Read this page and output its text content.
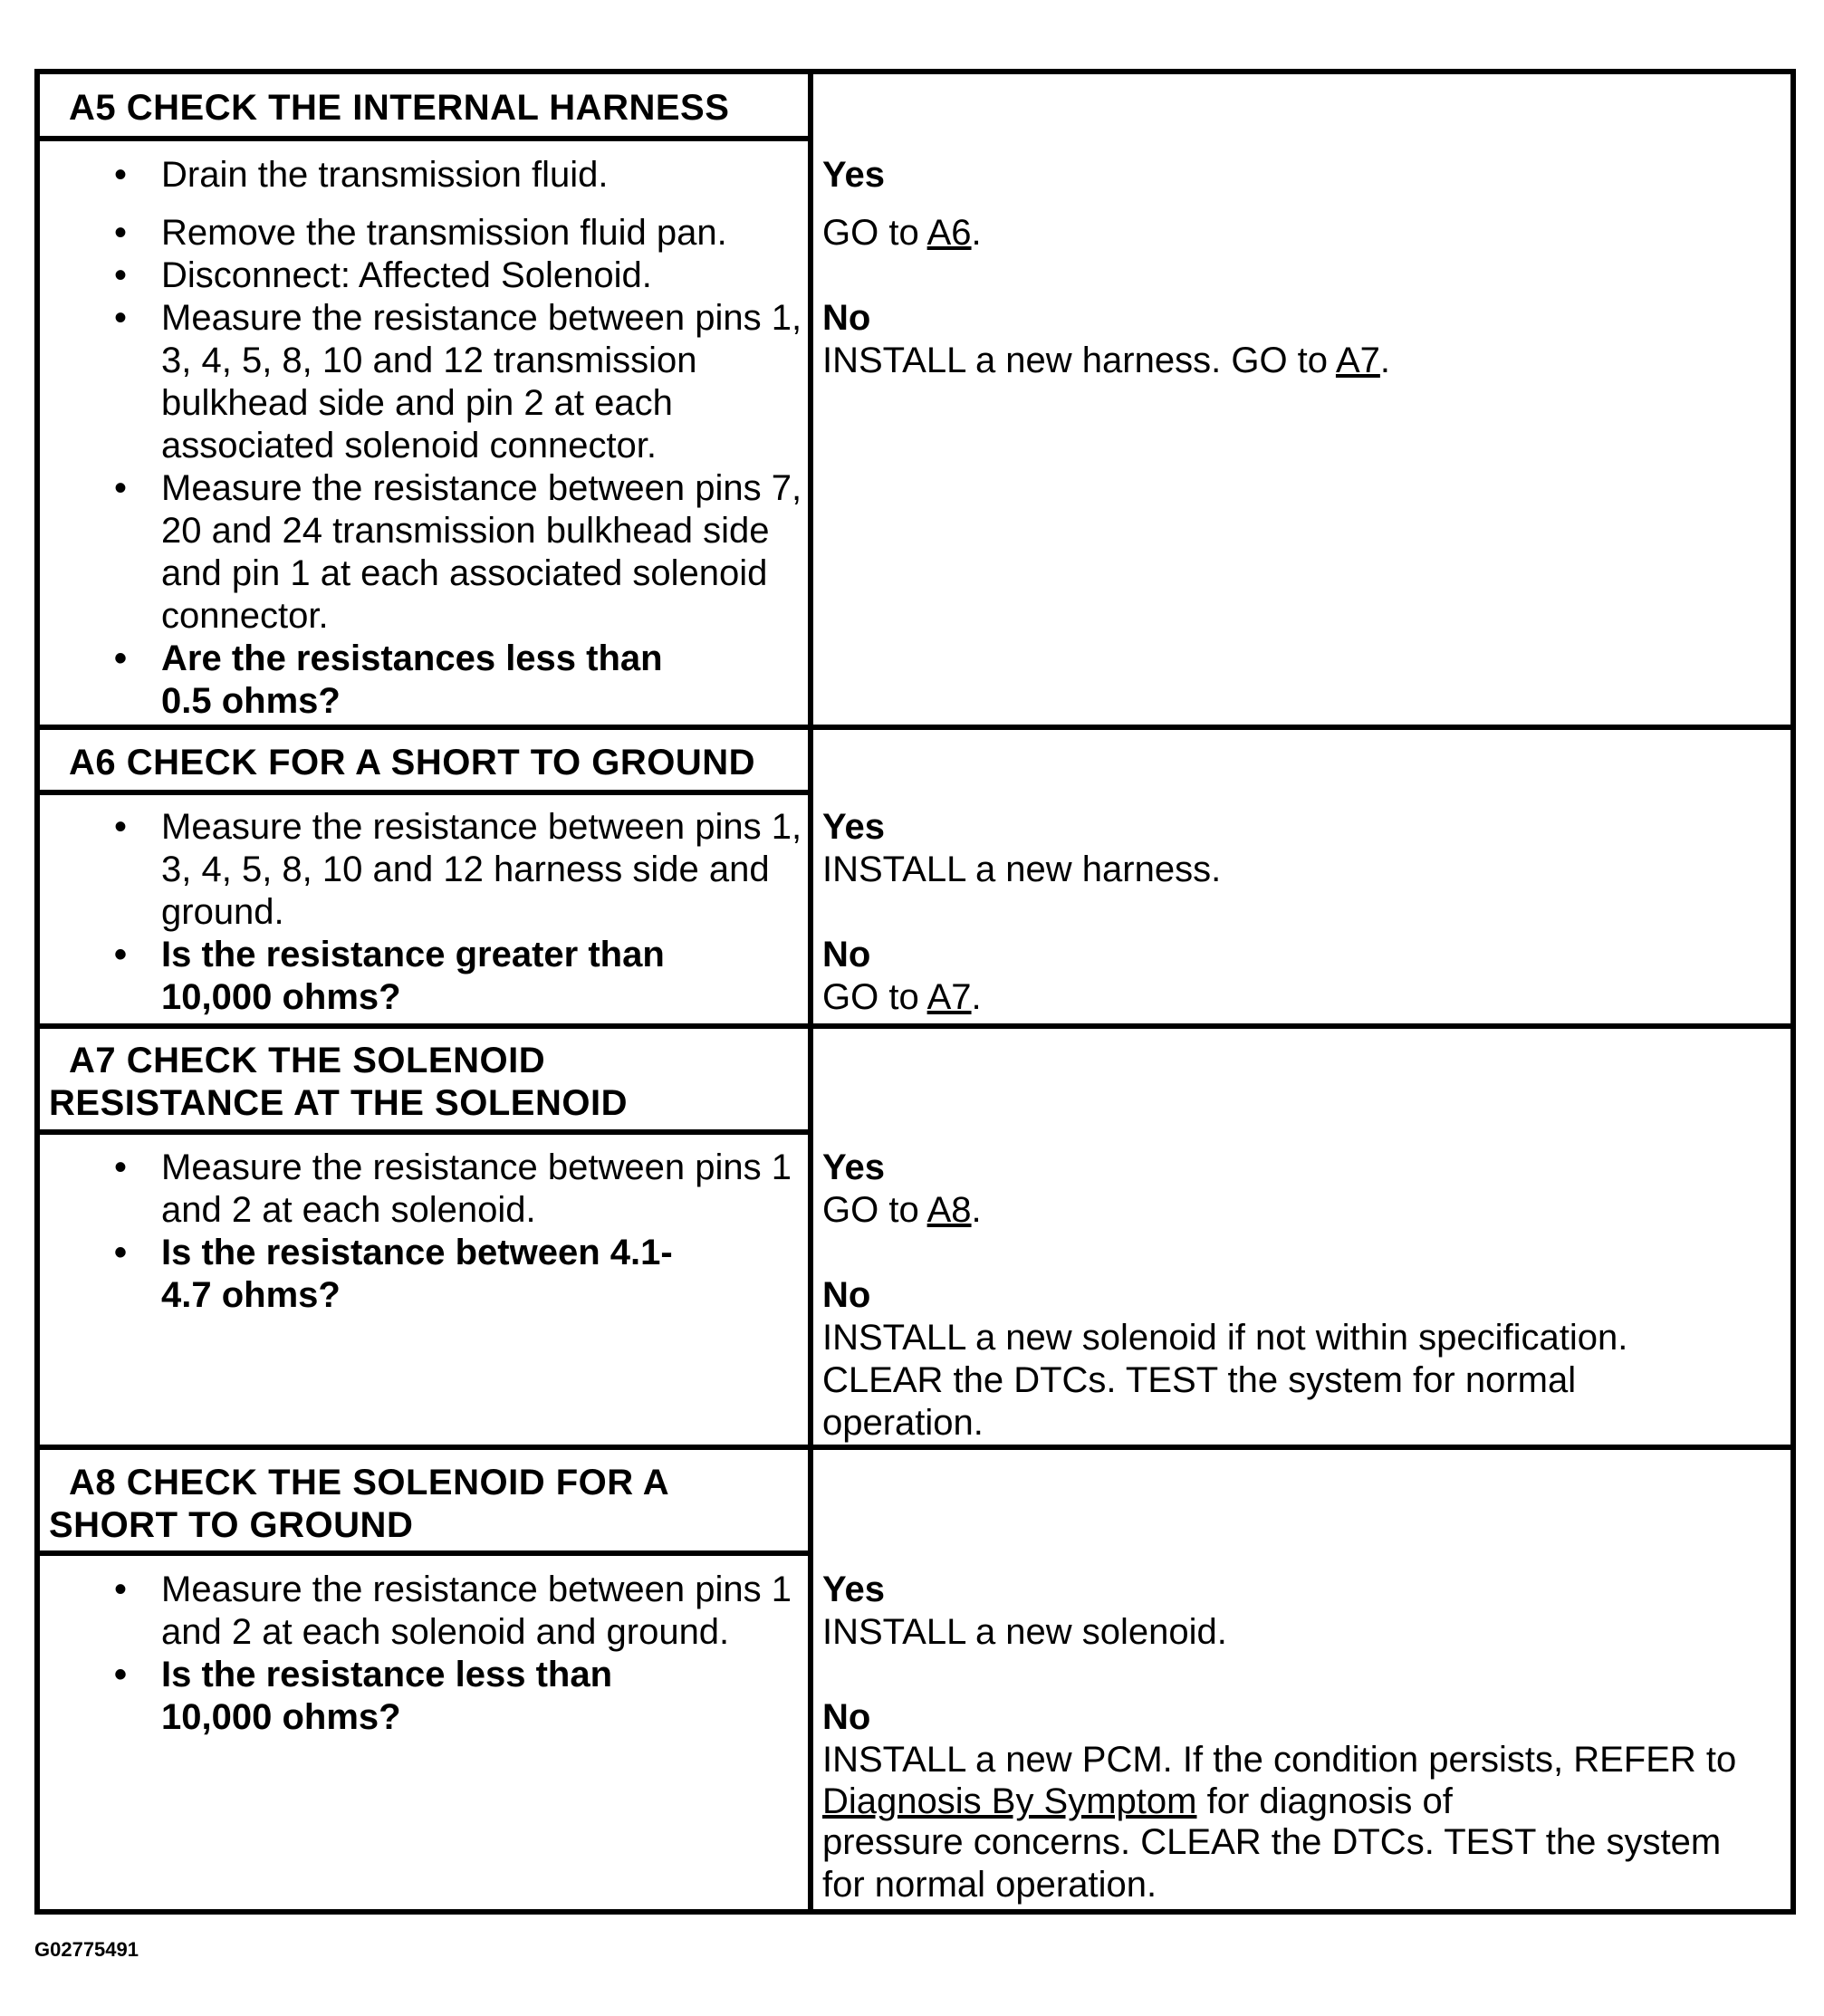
A5 CHECK THE INTERNAL HARNESS
• Drain the transmission fluid.
• Remove the transmission fluid pan.
• Disconnect: Affected Solenoid.
• Measure the resistance between pins 1, 3, 4, 5, 8, 10 and 12 transmission bulkhead side and pin 2 at each associated solenoid connector.
• Measure the resistance between pins 7, 20 and 24 transmission bulkhead side and pin 1 at each associated solenoid connector.
• Are the resistances less than 0.5 ohms?
Yes
GO to A6.
No
INSTALL a new harness. GO to A7.
A6 CHECK FOR A SHORT TO GROUND
• Measure the resistance between pins 1, 3, 4, 5, 8, 10 and 12 harness side and ground.
• Is the resistance greater than 10,000 ohms?
Yes
INSTALL a new harness.
No
GO to A7.
A7 CHECK THE SOLENOID
RESISTANCE AT THE SOLENOID
• Measure the resistance between pins 1 and 2 at each solenoid.
• Is the resistance between 4.1-4.7 ohms?
Yes
GO to A8.
No
INSTALL a new solenoid if not within specification. CLEAR the DTCs. TEST the system for normal operation.
A8 CHECK THE SOLENOID FOR A
SHORT TO GROUND
• Measure the resistance between pins 1 and 2 at each solenoid and ground.
• Is the resistance less than 10,000 ohms?
Yes
INSTALL a new solenoid.
No
INSTALL a new PCM. If the condition persists, REFER to
Diagnosis By Symptom for diagnosis of
pressure concerns. CLEAR the DTCs. TEST the system for normal operation.
G02775491
